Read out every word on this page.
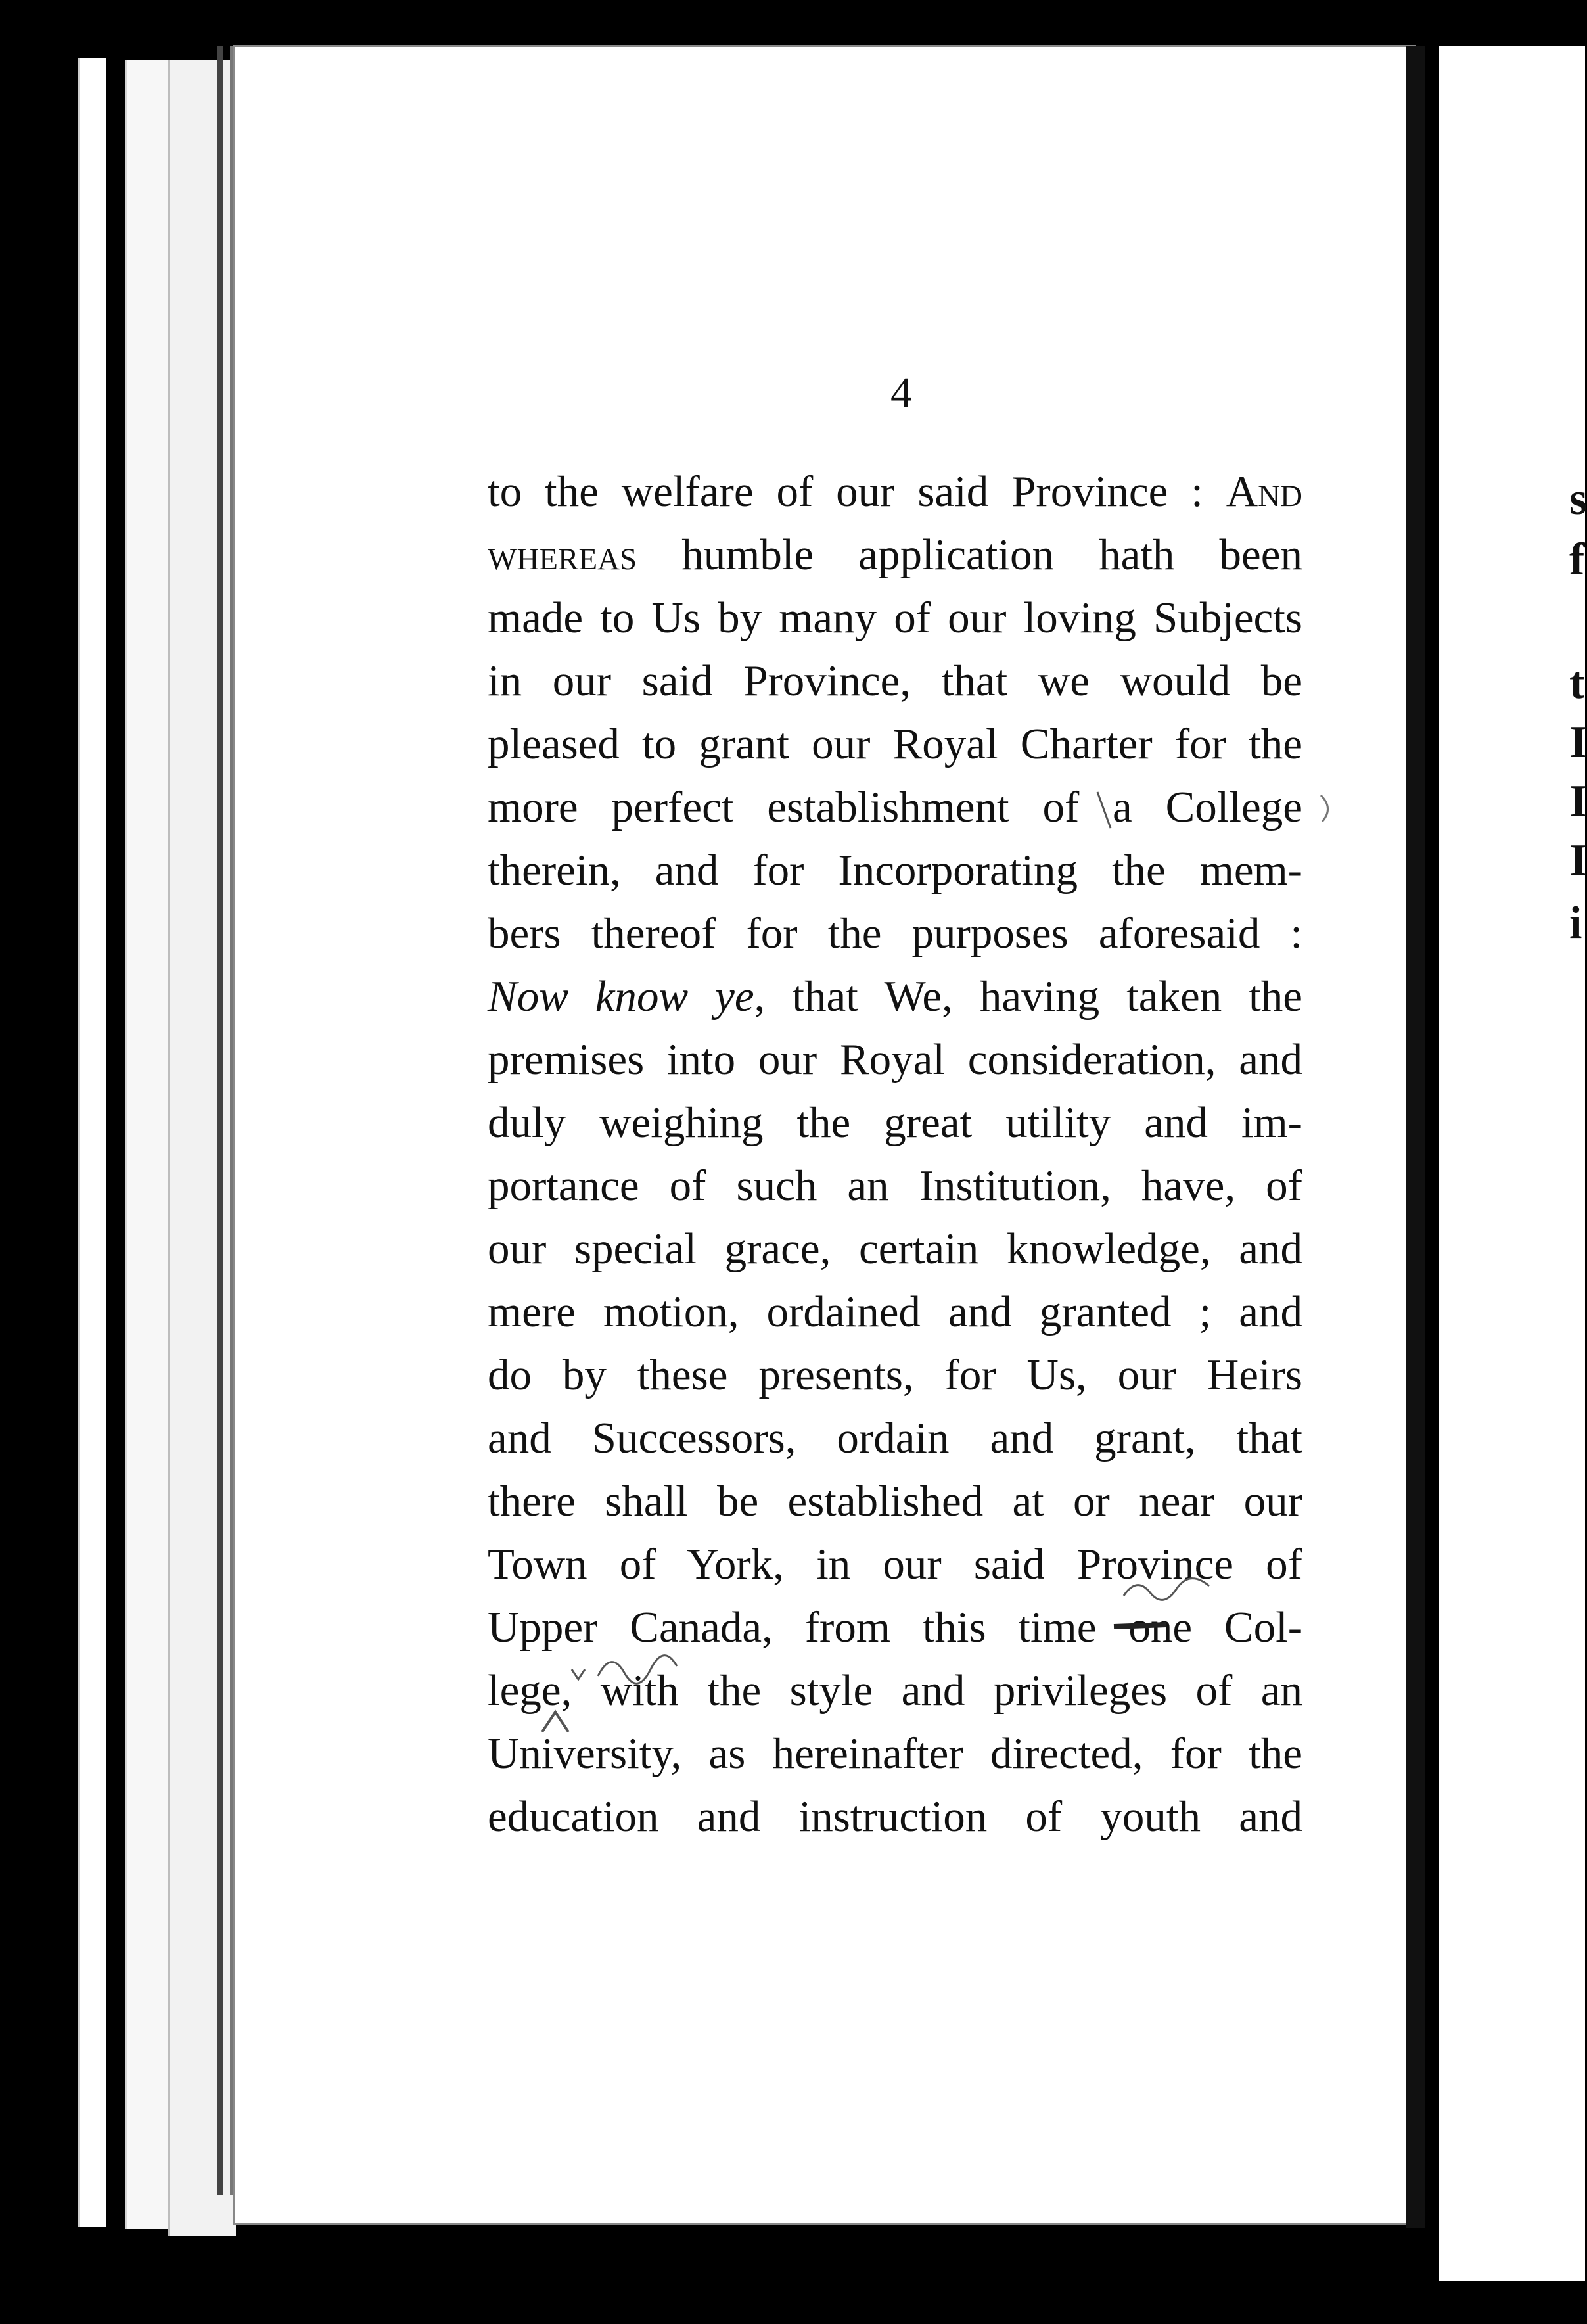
s
f
t
I
I
I
i
4
to the welfare of our said Province : And
whereas humble application hath been
made to Us by many of our loving Subjects
in our said Province, that we would be
pleased to grant our Royal Charter for the
more perfect establishment of a College
therein, and for Incorporating the mem-
bers thereof for the purposes aforesaid :
Now know ye, that We, having taken the
premises into our Royal consideration, and
duly weighing the great utility and im-
portance of such an Institution, have, of
our special grace, certain knowledge, and
mere motion, ordained and granted ; and
do by these presents, for Us, our Heirs
and Successors, ordain and grant, that
there shall be established at or near our
Town of York, in our said Province of
Upper Canada, from this time one Col-
lege, with the style and privileges of an
University, as hereinafter directed, for the
education and instruction of youth and
